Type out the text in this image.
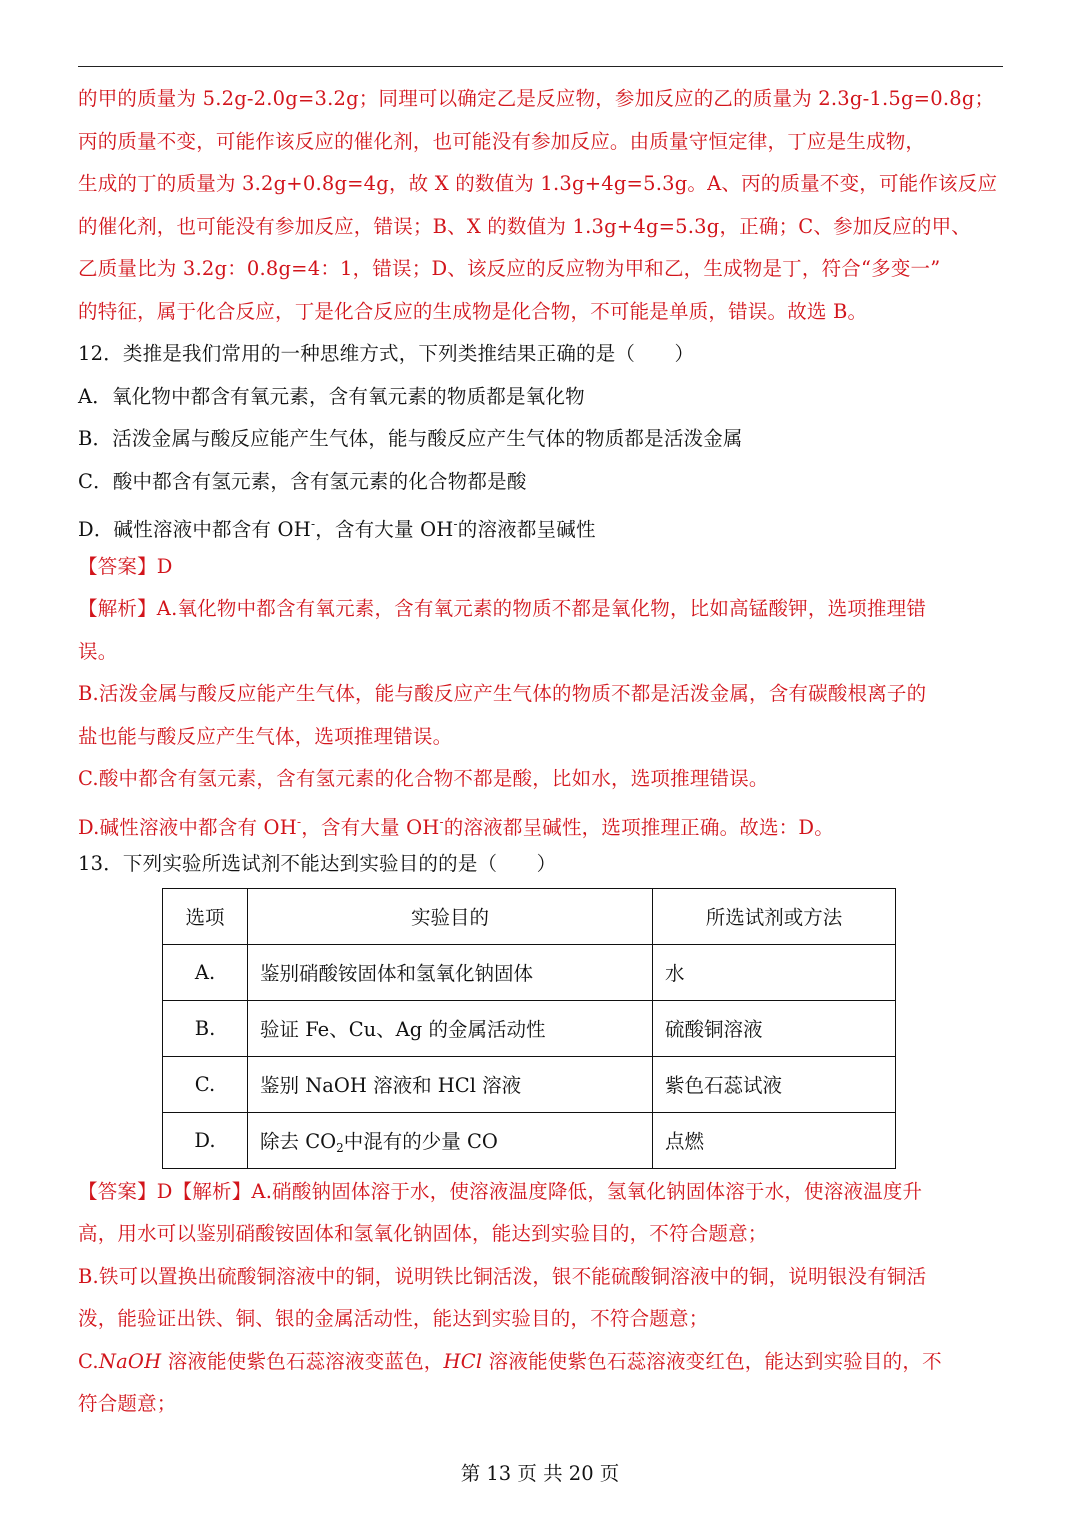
的甲的质量为 5.2g-2.0g=3.2g；同理可以确定乙是反应物，参加反应的乙的质量为 2.3g-1.5g=0.8g；
丙的质量不变，可能作该反应的催化剂，也可能没有参加反应。由质量守恒定律，丁应是生成物，
生成的丁的质量为 3.2g+0.8g=4g，故 X 的数值为 1.3g+4g=5.3g。A、丙的质量不变，可能作该反应
的催化剂，也可能没有参加反应，错误；B、X 的数值为 1.3g+4g=5.3g，正确；C、参加反应的甲、
乙质量比为 3.2g：0.8g=4：1，错误；D、该反应的反应物为甲和乙，生成物是丁，符合“多变一”
的特征，属于化合反应，丁是化合反应的生成物是化合物，不可能是单质，错误。故选 B。
12．类推是我们常用的一种思维方式，下列类推结果正确的是（　　）
A．氧化物中都含有氧元素，含有氧元素的物质都是氧化物
B．活泼金属与酸反应能产生气体，能与酸反应产生气体的物质都是活泼金属
C．酸中都含有氢元素，含有氢元素的化合物都是酸
D．碱性溶液中都含有 OH-，含有大量 OH-的溶液都呈碱性
【答案】D
【解析】A.氧化物中都含有氧元素，含有氧元素的物质不都是氧化物，比如高锰酸钾，选项推理错
误。
B.活泼金属与酸反应能产生气体，能与酸反应产生气体的物质不都是活泼金属，含有碳酸根离子的
盐也能与酸反应产生气体，选项推理错误。
C.酸中都含有氢元素，含有氢元素的化合物不都是酸，比如水，选项推理错误。
D.碱性溶液中都含有 OH-，含有大量 OH-的溶液都呈碱性，选项推理正确。故选：D。
13．下列实验所选试剂不能达到实验目的的是（　　）
选项	实验目的	所选试剂或方法
A.	鉴别硝酸铵固体和氢氧化钠固体	水
B.	验证 Fe、Cu、Ag 的金属活动性	硫酸铜溶液
C.	鉴别 NaOH 溶液和 HCl 溶液	紫色石蕊试液
D.	除去 $CO_2$中混有的少量 CO	点燃
【答案】D【解析】A.硝酸钠固体溶于水，使溶液温度降低，氢氧化钠固体溶于水，使溶液温度升
高，用水可以鉴别硝酸铵固体和氢氧化钠固体，能达到实验目的，不符合题意；
B.铁可以置换出硫酸铜溶液中的铜，说明铁比铜活泼，银不能硫酸铜溶液中的铜，说明银没有铜活
泼，能验证出铁、铜、银的金属活动性，能达到实验目的，不符合题意；
C.NaOH 溶液能使紫色石蕊溶液变蓝色，HCl 溶液能使紫色石蕊溶液变红色，能达到实验目的，不
符合题意；
第 13 页 共 20 页
